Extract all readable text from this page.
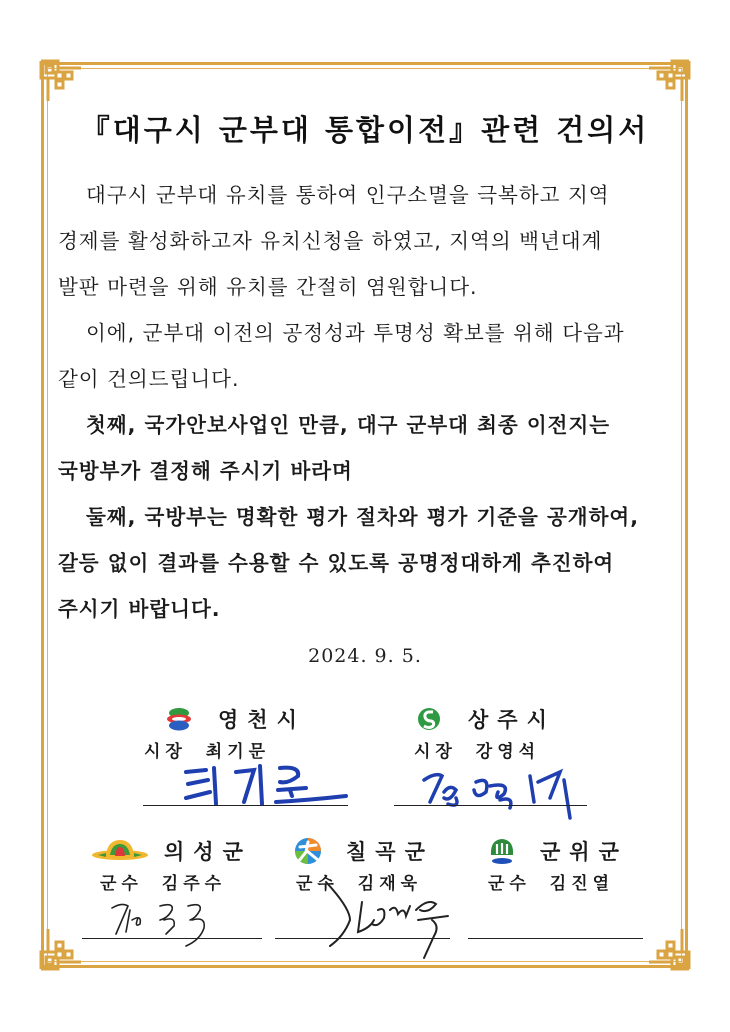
『대구시 군부대 통합이전』관련 건의서
대구시 군부대 유치를 통하여 인구소멸을 극복하고 지역
경제를 활성화하고자 유치신청을 하였고, 지역의 백년대계
발판 마련을 위해 유치를 간절히 염원합니다.
이에, 군부대 이전의 공정성과 투명성 확보를 위해 다음과
같이 건의드립니다.
첫째, 국가안보사업인 만큼, 대구 군부대 최종 이전지는
국방부가 결정해 주시기 바라며
둘째, 국방부는 명확한 평가 절차와 평가 기준을 공개하여,
갈등 없이 결과를 수용할 수 있도록 공명정대하게 추진하여
주시기 바랍니다.
2024. 9. 5.
영천시
시장 최기문
상주시
시장 강영석
의성군
군수 김주수
칠곡군
군수 김재욱
군위군
군수 김진열
